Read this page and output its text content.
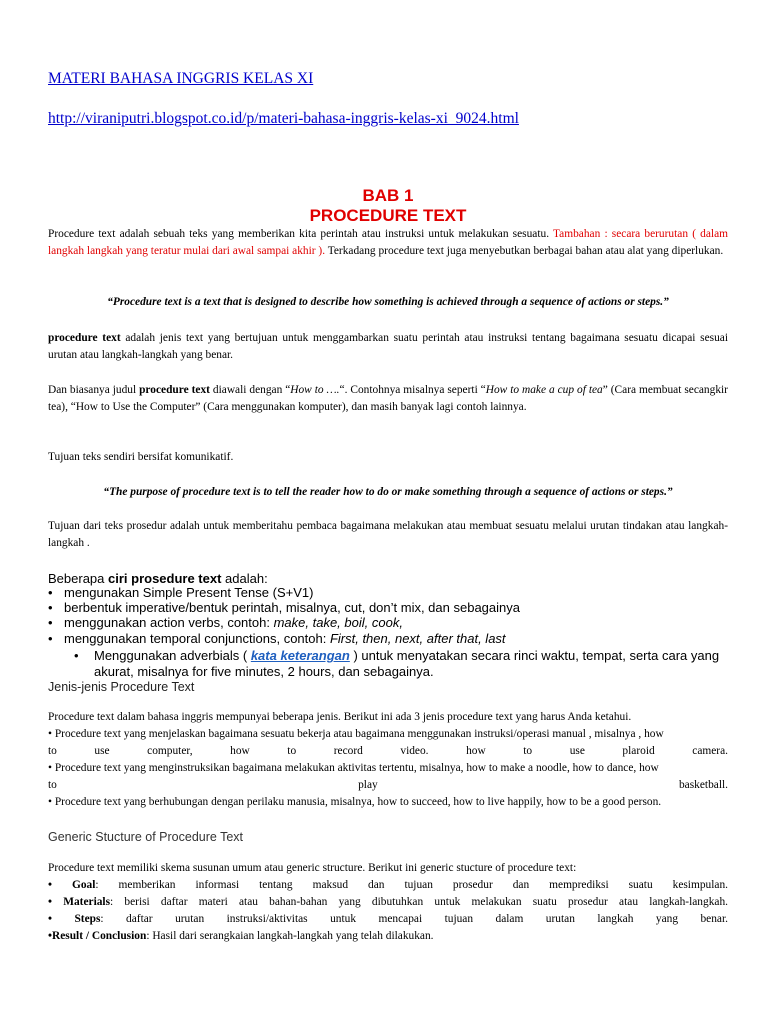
MATERI BAHASA INGGRIS KELAS XI
http://viraniputri.blogspot.co.id/p/materi-bahasa-inggris-kelas-xi_9024.html
BAB 1
PROCEDURE TEXT
Procedure text adalah sebuah teks yang memberikan kita perintah atau instruksi untuk melakukan sesuatu. Tambahan : secara berurutan ( dalam langkah langkah yang teratur mulai dari awal sampai akhir ). Terkadang procedure text juga menyebutkan berbagai bahan atau alat yang diperlukan.
“Procedure text is a text that is designed to describe how something is achieved through a sequence of actions or steps.”
procedure text adalah jenis text yang bertujuan untuk menggambarkan suatu perintah atau instruksi tentang bagaimana sesuatu dicapai sesuai urutan atau langkah-langkah yang benar.
Dan biasanya judul procedure text diawali dengan “How to ….“. Contohnya misalnya seperti “How to make a cup of tea” (Cara membuat secangkir tea), “How to Use the Computer” (Cara menggunakan komputer), dan masih banyak lagi contoh lainnya.
Tujuan teks sendiri bersifat komunikatif.
“The purpose of procedure text is to tell the reader how to do or make something through a sequence of actions or steps.”
Tujuan dari teks prosedur adalah untuk memberitahu pembaca bagaimana melakukan atau membuat sesuatu melalui urutan tindakan atau langkah-langkah .
Beberapa ciri prosedure text adalah:
• mengunakan Simple Present Tense (S+V1)
• berbentuk imperative/bentuk perintah, misalnya, cut, don’t mix, dan sebagainya
• menggunakan action verbs, contoh: make, take, boil, cook,
• menggunakan temporal conjunctions, contoh: First, then, next, after that, last
•	Menggunakan adverbials ( kata keterangan ) untuk menyatakan secara rinci waktu, tempat, serta cara yang akurat, misalnya for five minutes, 2 hours, dan sebagainya.
Jenis-jenis Procedure Text
Procedure text dalam bahasa inggris mempunyai beberapa jenis. Berikut ini ada 3 jenis procedure text yang harus Anda ketahui.
• Procedure text yang menjelaskan bagaimana sesuatu bekerja atau bagaimana menggunakan instruksi/operasi manual , misalnya , how
to use computer, how to record video. how to use plaroid camera.
• Procedure text yang menginstruksikan bagaimana melakukan aktivitas tertentu, misalnya, how to make a noodle, how to dance, how
to play basketball.
• Procedure text yang berhubungan dengan perilaku manusia, misalnya, how to succeed, how to live happily, how to be a good person.
Generic Stucture of Procedure Text
Procedure text memiliki skema susunan umum atau generic structure. Berikut ini generic stucture of procedure text:
• Goal: memberikan informasi tentang maksud dan tujuan prosedur dan memprediksi suatu kesimpulan.
• Materials: berisi daftar materi atau bahan-bahan yang dibutuhkan untuk melakukan suatu prosedur atau langkah-langkah.
• Steps: daftar urutan instruksi/aktivitas untuk mencapai tujuan dalam urutan langkah yang benar.
•Result / Conclusion: Hasil dari serangkaian langkah-langkah yang telah dilakukan.
